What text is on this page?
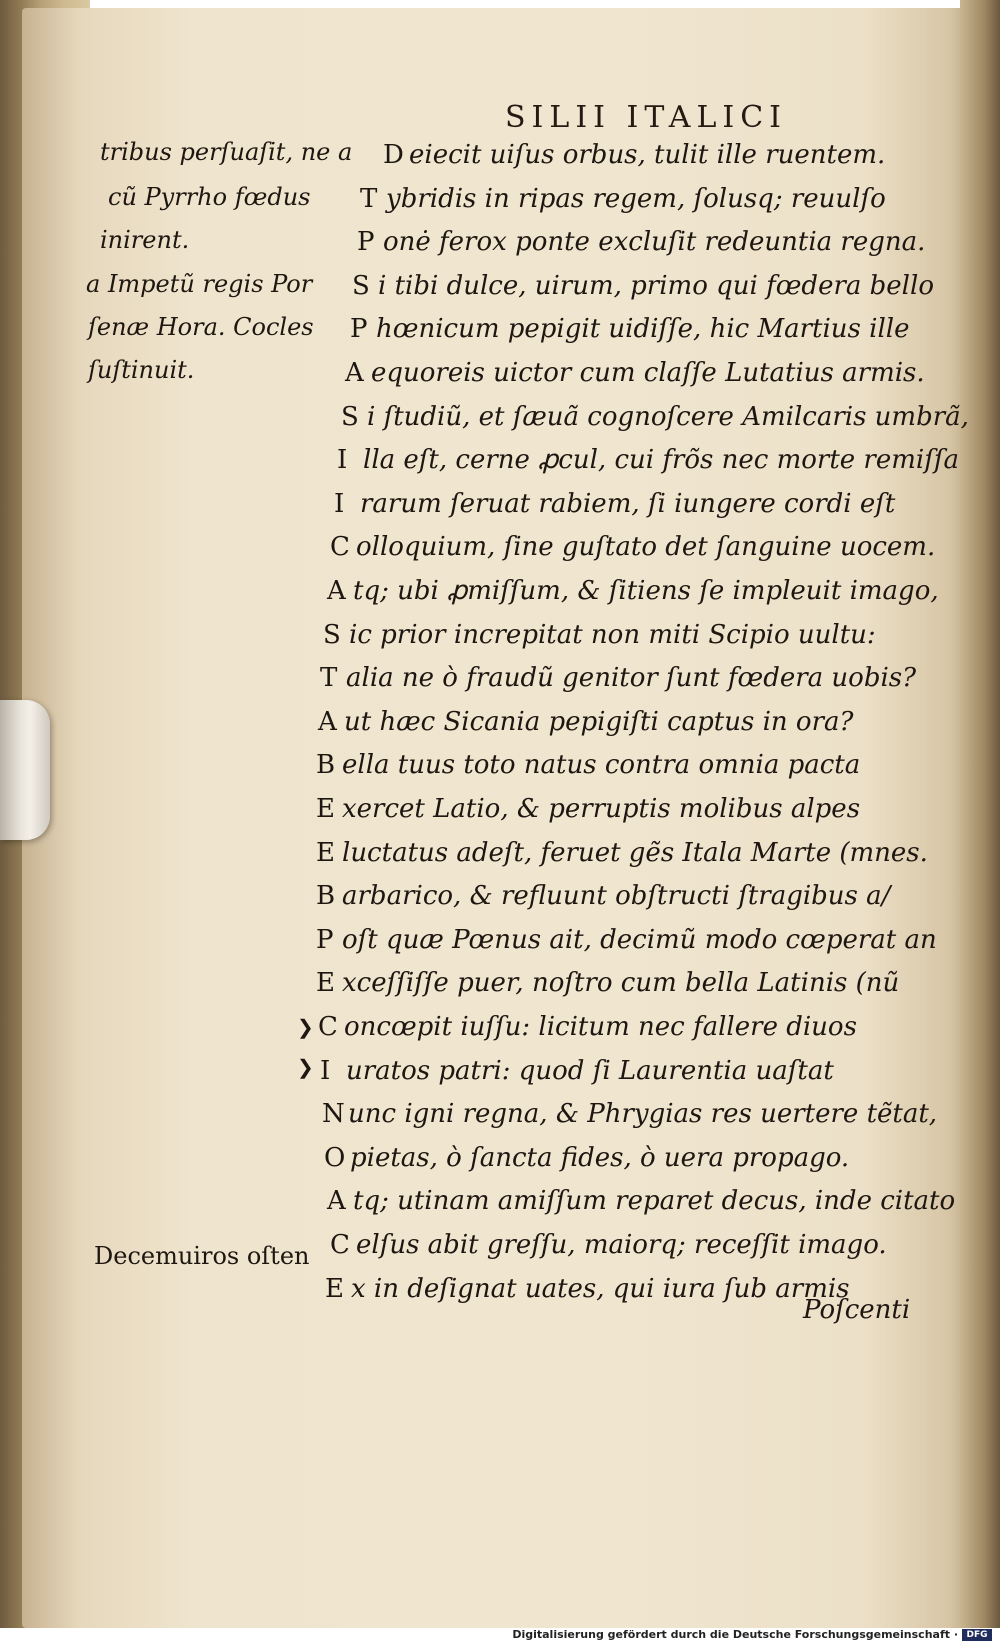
SILII ITALICI
tribus perſuaſit, ne a
cũ Pyrrho fœdus
inirent.
a Impetũ regis Por
ſenæ Hora. Cocles
ſuſtinuit.
Decemuiros oſten
❯
❯
D eiecit uiſus orbus, tulit ille ruentem.
T ybridis in ripas regem, ſolusq; reuulſo
P onė ferox ponte excluſit redeuntia regna.
S i tibi dulce, uirum, primo qui fœdera bello
P hœnicum pepigit uidiſſe, hic Martius ille
A equoreis uictor cum claſſe Lutatius armis.
S i ſtudiũ, et ſæuã cognoſcere Amilcaris umbrã,
I lla eſt, cerne ꝓcul, cui frõs nec morte remiſſa
I rarum ſeruat rabiem, ſi iungere cordi eſt
C olloquium, ſine guſtato det ſanguine uocem.
A tq; ubi ꝓmiſſum, & ſitiens ſe impleuit imago,
S ic prior increpitat non miti Scipio uultu:
T alia ne ò fraudũ genitor ſunt fœdera uobis?
A ut hæc Sicania pepigiſti captus in ora?
B ella tuus toto natus contra omnia pacta
E xercet Latio, & perruptis molibus alpes
E luctatus adeſt, feruet gẽs Itala Marte (mnes.
B arbarico, & refluunt obſtructi ſtragibus a/
P oſt quæ Pœnus ait, decimũ modo cœperat an
E xceſſiſſe puer, noſtro cum bella Latinis (nũ
C oncœpit iuſſu: licitum nec fallere diuos
I uratos patri: quod ſi Laurentia uaſtat
N unc igni regna, & Phrygias res uertere tẽtat,
O pietas, ò ſancta fides, ò uera propago.
A tq; utinam amiſſum reparet decus, inde citato
C elſus abit greſſu, maiorq; receſſit imago.
E x in deſignat uates, qui iura ſub armis
Poſcenti
Digitalisierung gefördert durch die Deutsche Forschungsgemeinschaft · DFG
